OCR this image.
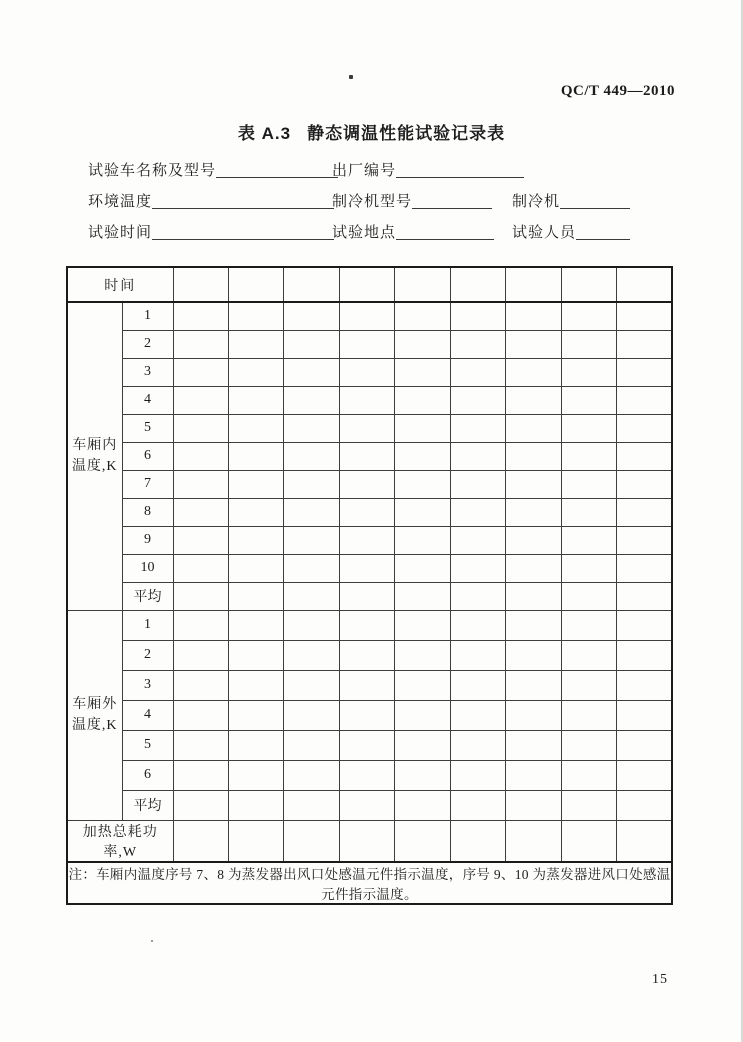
QC/T 449—2010
表 A.3 静态调温性能试验记录表
试验车名称及型号	出厂编号
环境温度	制冷机型号	制冷机
试验时间	试验地点	试验人员
时间										
车厢内
温度,K	1									
	2									
	3									
	4									
	5									
	6									
	7									
	8									
	9									
	10									
	平均									
车厢外
温度,K	1									
	2									
	3									
	4									
	5									
	6									
	平均									
加热总耗功率,W										
注：车厢内温度序号 7、8 为蒸发器出风口处感温元件指示温度，序号 9、10 为蒸发器进风口处感温元件指示温度。										
15
